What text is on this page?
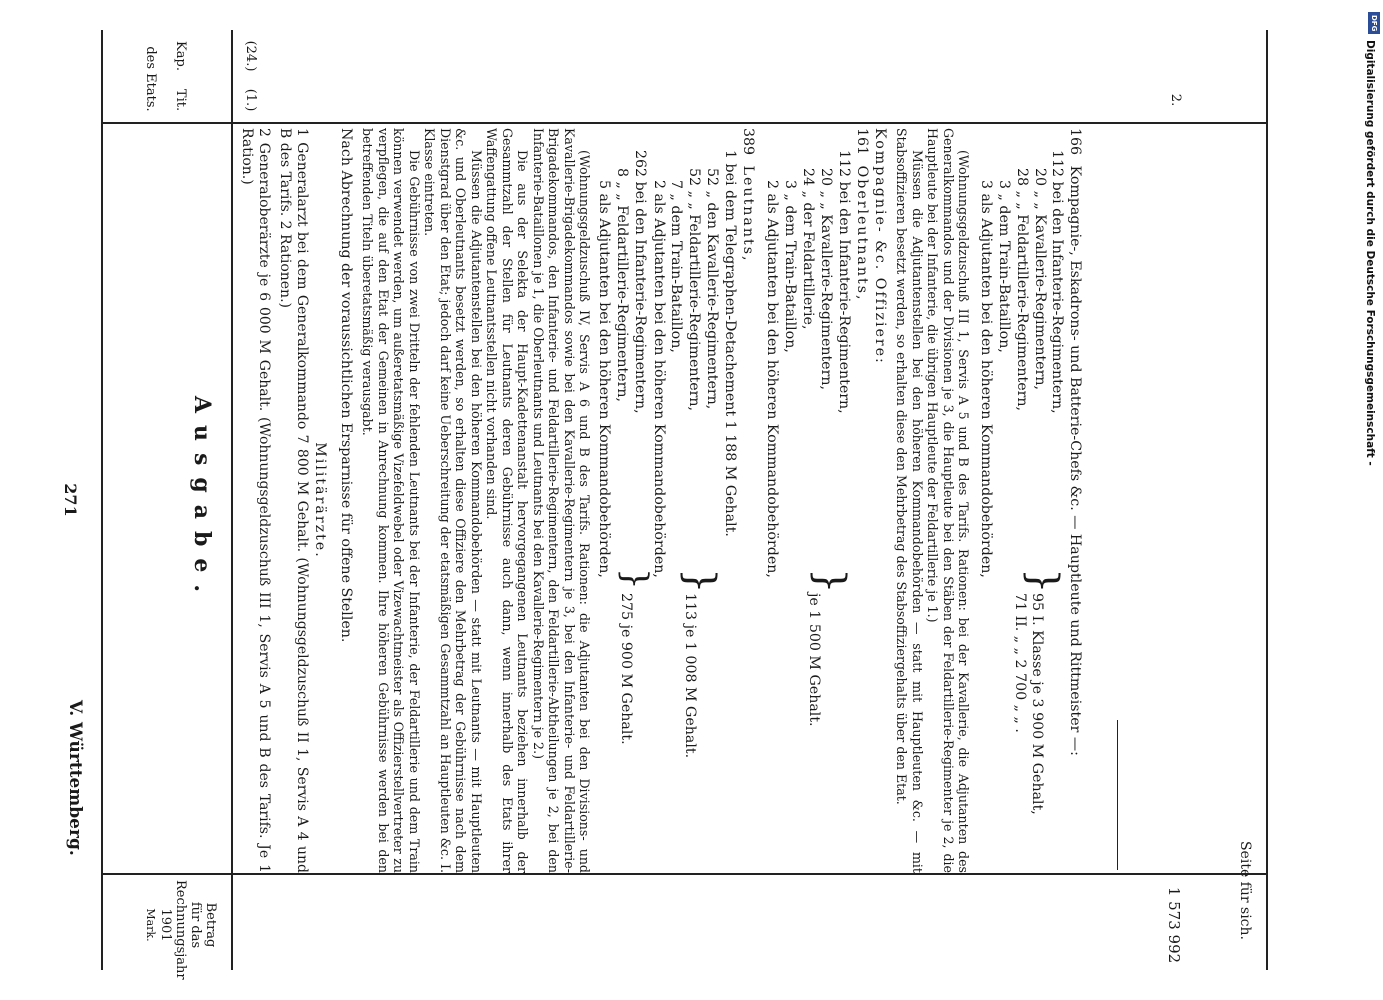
271
V. Württemberg.
Ausgabe.
Kap.
Tit.
des Etats.
Betrag
für das
Rechnungsjahr
1901
Mark.
(24.)
(1.)	2.
166 Kompagnie-, Eskadrons- und Batterie-Chefs &c. — Hauptleute und Rittmeister —:
112 bei den Infanterie-Regimentern,
20 „ „ Kavallerie-Regimentern,
28 „ „ Feldartillerie-Regimentern,
3 „ dem Train-Bataillon,
3 als Adjutanten bei den höheren Kommandobehörden,
}
95 I. Klasse je 3 900 M Gehalt,
71 II. „ „ 2 700 „ „ .
(Wohnungsgeldzuschuß III 1, Servis A 5 und B des Tarifs. Rationen: bei der Kavallerie, die Adjutanten des Generalkommandos und der Divisionen je 3, die Hauptleute bei den Stäben der Feldartillerie-Regimenter je 2, die Hauptleute bei der Infanterie, die übrigen Hauptleute der Feldartillerie je 1.)
Müssen die Adjutantenstellen bei den höheren Kommandobehörden — statt mit Hauptleuten &c. — mit Stabsoffizieren besetzt werden, so erhalten diese den Mehrbetrag des Stabsoffiziergehalts über den Etat.
Kompagnie- &c. Offiziere:
161 Oberleutnants,
112 bei den Infanterie-Regimentern,
20 „ „ Kavallerie-Regimentern,
24 „ der Feldartillerie,
3 „ dem Train-Bataillon,
2 als Adjutanten bei den höheren Kommandobehörden,
}
je 1 500 M Gehalt.
389 Leutnants,
1 bei dem Telegraphen-Detachement 1 188 M Gehalt.
52 „ den Kavallerie-Regimentern,
52 „ „ Feldartillerie-Regimentern,
7 „ dem Train-Bataillon,
2 als Adjutanten bei den höheren Kommandobehörden,
}
113 je 1 008 M Gehalt.
262 bei den Infanterie-Regimentern,
8 „ „ Feldartillerie-Regimentern,
5 als Adjutanten bei den höheren Kommandobehörden,
}
275 je 900 M Gehalt.
(Wohnungsgeldzuschuß IV, Servis A 6 und B des Tarifs. Rationen: die Adjutanten bei den Divisions- und Kavallerie-Brigadekommandos sowie bei den Kavallerie-Regimentern je 3, bei den Infanterie- und Feldartillerie-Brigadekommandos, den Infanterie- und Feldartillerie-Regimentern, den Feldartillerie-Abtheilungen je 2, bei den Infanterie-Bataillonen je 1, die Oberleutnants und Leutnants bei den Kavallerie-Regimentern je 2.)
Die aus der Selekta der Haupt-Kadettenanstalt hervorgegangenen Leutnants beziehen innerhalb der Gesammtzahl der Stellen für Leutnants deren Gebührnisse auch dann, wenn innerhalb des Etats ihrer Waffengattung offene Leutnantsstellen nicht vorhanden sind.
Müssen die Adjutantenstellen bei den höheren Kommandobehörden — statt mit Leutnants — mit Hauptleuten &c. und Oberleutnants besetzt werden, so erhalten diese Offiziere den Mehrbetrag der Gebührnisse nach dem Dienstgrad über den Etat; jedoch darf keine Ueberschreitung der etatsmäßigen Gesammtzahl an Hauptleuten &c. I. Klasse eintreten.
Die Gebührnisse von zwei Dritteln der fehlenden Leutnants bei der Infanterie, der Feldartillerie und dem Train können verwendet werden, um außeretatsmäßige Vizefeldwebel oder Vizewachtmeister als Offizierstellvertreter zu verpflegen, die auf den Etat der Gemeinen in Anrechnung kommen. Ihre höheren Gebührnisse werden bei den betreffenden Titeln überetatsmäßig verausgabt.
Nach Abrechnung der voraussichtlichen Ersparnisse für offene Stellen.
Militärärzte.
1 Generalarzt bei dem Generalkommando 7 800 M Gehalt. (Wohnungsgeldzuschuß II 1, Servis A 4 und B des Tarifs. 2 Rationen.)
2 Generaloberärzte je 6 000 M Gehalt. (Wohnungsgeldzuschuß III 1, Servis A 5 und B des Tarifs. Je 1 Ration.)
1 573 992	Seite für sich.
DFG
Digitalisierung gefördert durch die Deutsche Forschungsgemeinschaft -
